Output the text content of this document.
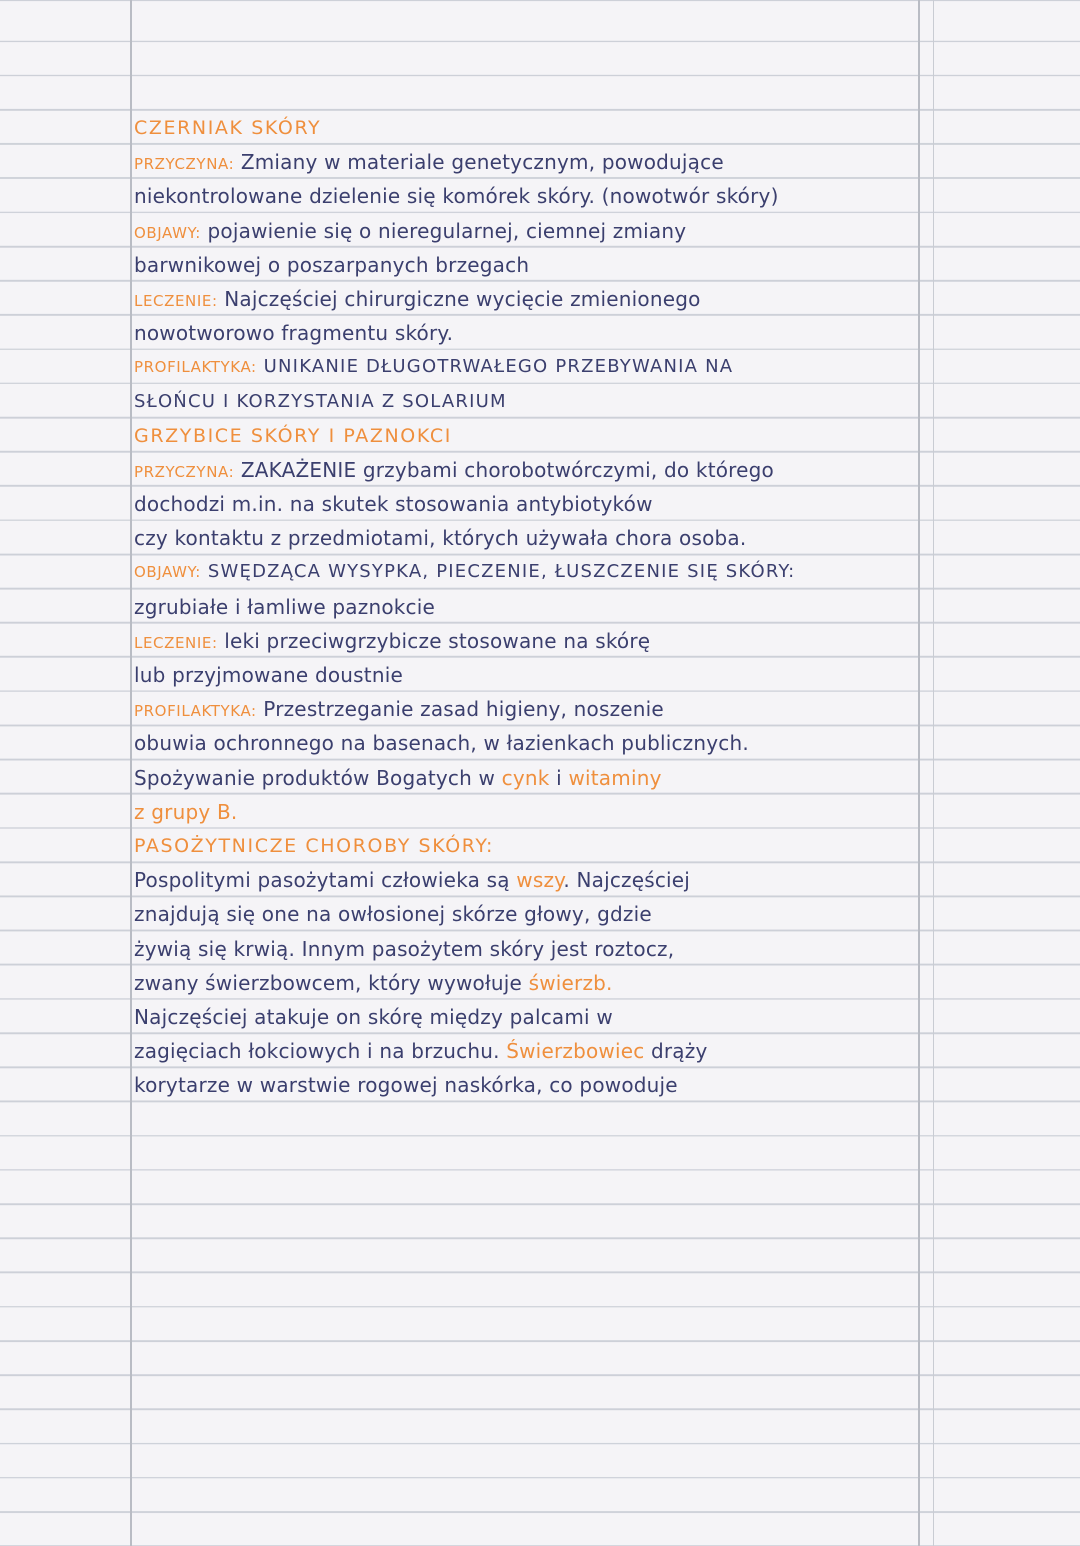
CZERNIAK SKÓRY
PRZYCZYNA: Zmiany w materiale genetycznym, powodujące
niekontrolowane dzielenie się komórek skóry. (nowotwór skóry)
OBJAWY: pojawienie się o nieregularnej, ciemnej zmiany
barwnikowej o poszarpanych brzegach
LECZENIE: Najczęściej chirurgiczne wycięcie zmienionego
nowotworowo fragmentu skóry.
PROFILAKTYKA: UNIKANIE DŁUGOTRWAŁEGO PRZEBYWANIA NA
SŁOŃCU I KORZYSTANIA Z SOLARIUM
GRZYBICE SKÓRY I PAZNOKCI
PRZYCZYNA: ZAKAŻENIE grzybami chorobotwórczymi, do którego
dochodzi m.in. na skutek stosowania antybiotyków
czy kontaktu z przedmiotami, których używała chora osoba.
OBJAWY: SWĘDZĄCA WYSYPKA, PIECZENIE, ŁUSZCZENIE SIĘ SKÓRY:
zgrubiałe i łamliwe paznokcie
LECZENIE: leki przeciwgrzybicze stosowane na skórę
lub przyjmowane doustnie
PROFILAKTYKA: Przestrzeganie zasad higieny, noszenie
obuwia ochronnego na basenach, w łazienkach publicznych.
Spożywanie produktów Bogatych w cynk i witaminy
z grupy B.
PASOŻYTNICZE CHOROBY SKÓRY:
Pospolitymi pasożytami człowieka są wszy. Najczęściej
znajdują się one na owłosionej skórze głowy, gdzie
żywią się krwią. Innym pasożytem skóry jest roztocz,
zwany świerzbowcem, który wywołuje świerzb.
Najczęściej atakuje on skórę między palcami w
zagięciach łokciowych i na brzuchu. Świerzbowiec drąży
korytarze w warstwie rogowej naskórka, co powoduje
